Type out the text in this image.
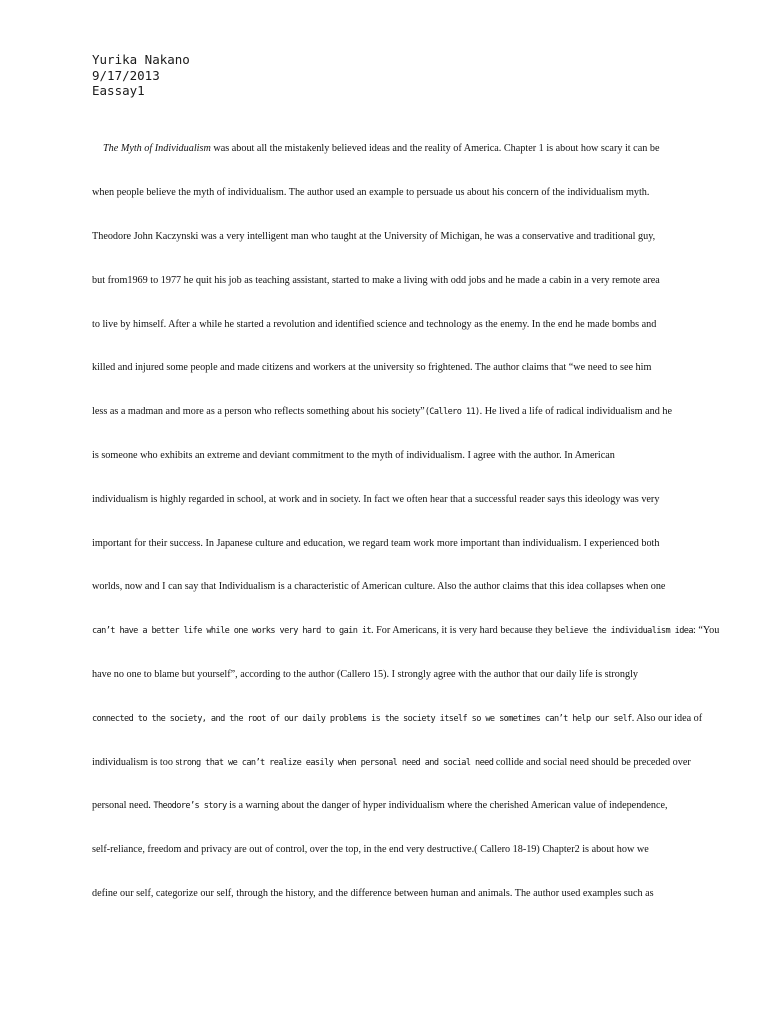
Yurika Nakano
9/17/2013
Eassay1
The Myth of Individualism was about all the mistakenly believed ideas and the reality of America. Chapter 1 is about how scary it can be
when people believe the myth of individualism. The author used an example to persuade us about his concern of the individualism myth.
Theodore John Kaczynski was a very intelligent man who taught at the University of Michigan, he was a conservative and traditional guy,
but from1969 to 1977 he quit his job as teaching assistant, started to make a living with odd jobs and he made a cabin in a very remote area
to live by himself. After a while he started a revolution and identified science and technology as the enemy. In the end he made bombs and
killed and injured some people and made citizens and workers at the university so frightened. The author claims that “we need to see him
less as a madman and more as a person who reflects something about his society”(Callero 11). He lived a life of radical individualism and he
is someone who exhibits an extreme and deviant commitment to the myth of individualism. I agree with the author. In American
individualism is highly regarded in school, at work and in society. In fact we often hear that a successful reader says this ideology was very
important for their success. In Japanese culture and education, we regard team work more important than individualism. I experienced both
worlds, now and I can say that Individualism is a characteristic of American culture. Also the author claims that this idea collapses when one
can’t have a better life while one works very hard to gain it. For Americans, it is very hard because they believe the individualism idea: “You
have no one to blame but yourself”, according to the author (Callero 15). I strongly agree with the author that our daily life is strongly
connected to the society, and the root of our daily problems is the society itself so we sometimes can’t help our self. Also our idea of
individualism is too strong that we can’t realize easily when personal need and social need collide and social need should be preceded over
personal need. Theodore’s story is a warning about the danger of hyper individualism where the cherished American value of independence,
self-reliance, freedom and privacy are out of control, over the top, in the end very destructive.( Callero 18-19) Chapter2 is about how we
define our self, categorize our self, through the history, and the difference between human and animals. The author used examples such as
